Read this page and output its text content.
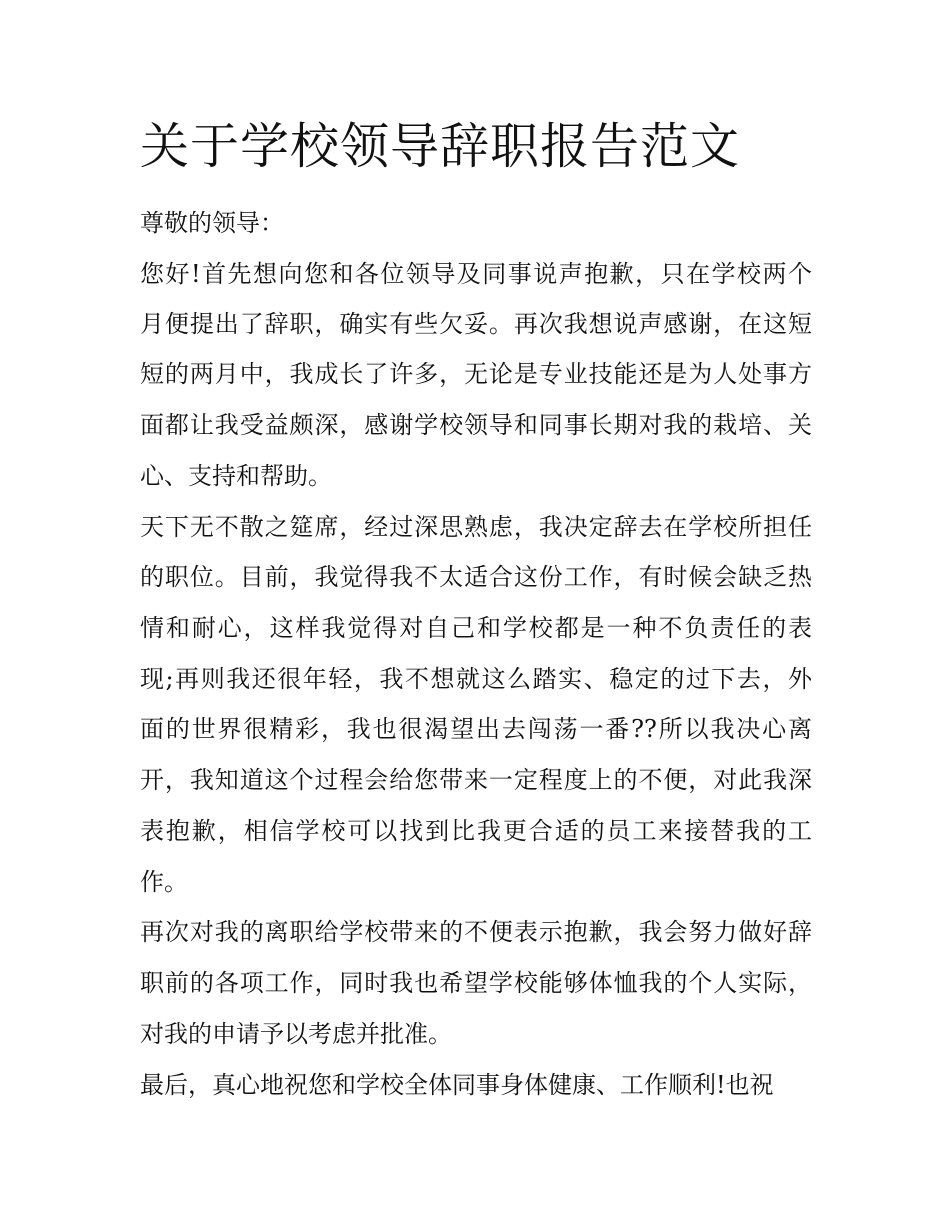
关于学校领导辞职报告范文
尊敬的领导：
您好!首先想向您和各位领导及同事说声抱歉，只在学校两个
月便提出了辞职，确实有些欠妥。再次我想说声感谢，在这短
短的两月中，我成长了许多，无论是专业技能还是为人处事方
面都让我受益颇深，感谢学校领导和同事长期对我的栽培、关
心、支持和帮助。
天下无不散之筵席，经过深思熟虑，我决定辞去在学校所担任
的职位。目前，我觉得我不太适合这份工作，有时候会缺乏热
情和耐心，这样我觉得对自己和学校都是一种不负责任的表
现;再则我还很年轻，我不想就这么踏实、稳定的过下去，外
面的世界很精彩，我也很渴望出去闯荡一番??所以我决心离
开，我知道这个过程会给您带来一定程度上的不便，对此我深
表抱歉，相信学校可以找到比我更合适的员工来接替我的工
作。
再次对我的离职给学校带来的不便表示抱歉，我会努力做好辞
职前的各项工作，同时我也希望学校能够体恤我的个人实际，
对我的申请予以考虑并批准。
最后，真心地祝您和学校全体同事身体健康、工作顺利!也祝
